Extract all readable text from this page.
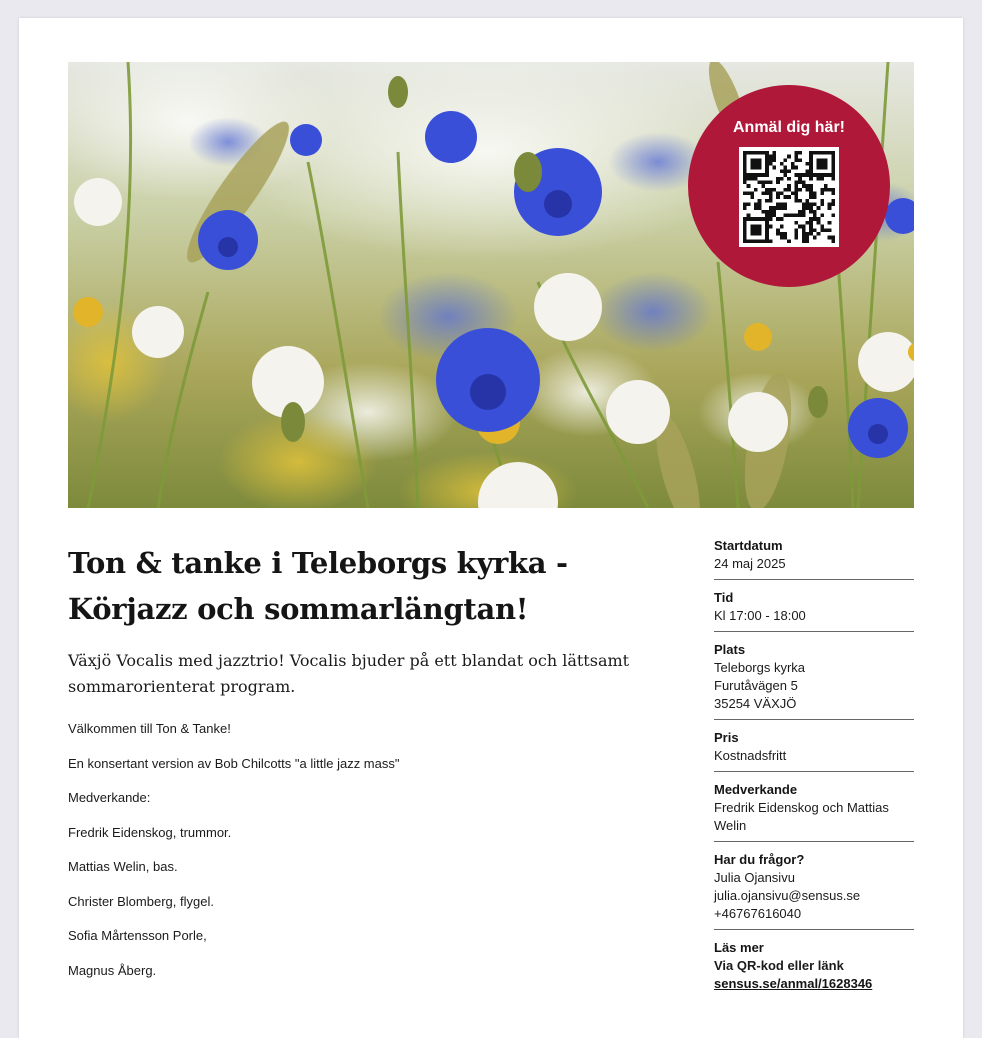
Anmäl dig här!
Ton & tanke i Teleborgs kyrka - Körjazz och sommarlängtan!

Växjö Vocalis med jazztrio! Vocalis bjuder på ett blandat och lättsamt sommarorienterat program.

Välkommen till Ton & Tanke!

En konsertant version av Bob Chilcotts "a little jazz mass"

Medverkande:

Fredrik Eidenskog, trummor.

Mattias Welin, bas.

Christer Blomberg, flygel.

Sofia Mårtensson Porle,

Magnus Åberg.

Startdatum
24 maj 2025
Tid
Kl 17:00 - 18:00
Plats
Teleborgs kyrka
Furutåvägen 5
35254 VÄXJÖ
Pris
Kostnadsfritt
Medverkande
Fredrik Eidenskog och Mattias Welin
Har du frågor?
Julia Ojansivu
julia.ojansivu@sensus.se
+46767616040
Läs mer
Via QR-kod eller länk
sensus.se/anmal/1628346
